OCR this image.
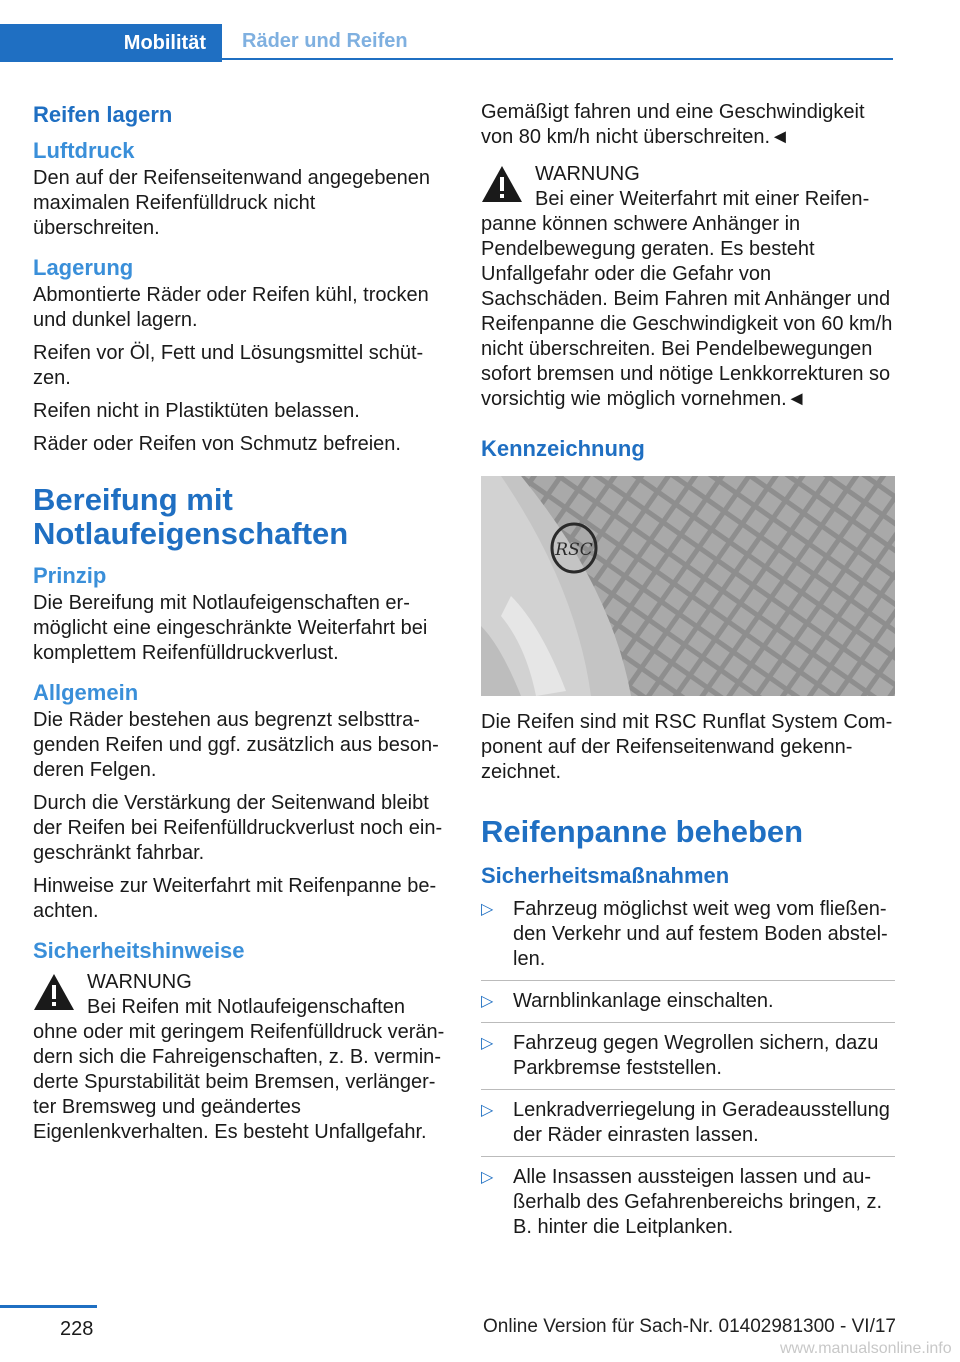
Mobilität	Räder und Reifen
Reifen lagern
Luftdruck

Den auf der Reifenseitenwand angegebenen maximalen Reifenfülldruck nicht überschreiten.

Lagerung

Abmontierte Räder oder Reifen kühl, trocken und dunkel lagern.

Reifen vor Öl, Fett und Lösungsmittel schützen.

Reifen nicht in Plastiktüten belassen.

Räder oder Reifen von Schmutz befreien.

Bereifung mit Notlaufeigenschaften
Prinzip

Die Bereifung mit Notlaufeigenschaften ermöglicht eine eingeschränkte Weiterfahrt bei komplettem Reifenfülldruckverlust.

Allgemein

Die Räder bestehen aus begrenzt selbsttragenden Reifen und ggf. zusätzlich aus besonderen Felgen.

Durch die Verstärkung der Seitenwand bleibt der Reifen bei Reifenfülldruckverlust noch eingeschränkt fahrbar.

Hinweise zur Weiterfahrt mit Reifenpanne beachten.

Sicherheitshinweise
WARNUNG
Bei Reifen mit Notlaufeigenschaften ohne oder mit geringem Reifenfülldruck verändern sich die Fahreigenschaften, z. B. verminderte Spurstabilität beim Bremsen, verlängerter Bremsweg und geändertes Eigenlenkverhalten. Es besteht Unfallgefahr.

Gemäßigt fahren und eine Geschwindigkeit von 80 km/h nicht überschreiten.◄

WARNUNG
Bei einer Weiterfahrt mit einer Reifenpanne können schwere Anhänger in Pendelbewegung geraten. Es besteht Unfallgefahr oder die Gefahr von Sachschäden. Beim Fahren mit Anhänger und Reifenpanne die Geschwindigkeit von 60 km/h nicht überschreiten. Bei Pendelbewegungen sofort bremsen und nötige Lenkkorrekturen so vorsichtig wie möglich vornehmen.◄
Kennzeichnung
RSC

Die Reifen sind mit RSC Runflat System Component auf der Reifenseitenwand gekennzeichnet.

Reifenpanne beheben
Sicherheitsmaßnahmen
▷ Fahrzeug möglichst weit weg vom fließenden Verkehr und auf festem Boden abstellen.
▷ Warnblinkanlage einschalten.
▷ Fahrzeug gegen Wegrollen sichern, dazu Parkbremse feststellen.
▷ Lenkradverriegelung in Geradeausstellung der Räder einrasten lassen.
▷ Alle Insassen aussteigen lassen und außerhalb des Gefahrenbereichs bringen, z. B. hinter die Leitplanken.
228	Online Version für Sach-Nr. 01402981300 - VI/17
www.manualsonline.info
